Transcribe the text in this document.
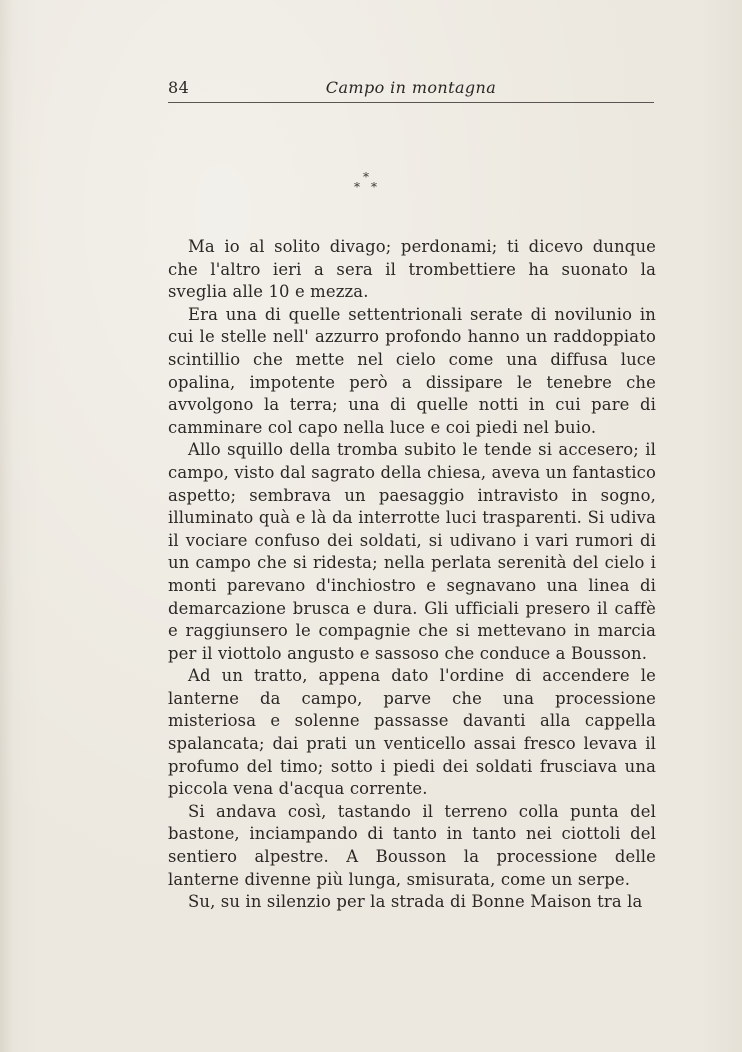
84	Campo in montagna
*
* *

Ma io al solito divago; perdonami; ti dicevo dunque che l'altro ieri a sera il trombettiere ha suonato la sveglia alle 10 e mezza.

Era una di quelle settentrionali serate di novilunio in cui le stelle nell' azzurro profondo hanno un raddoppiato scintillio che mette nel cielo come una diffusa luce opalina, impotente però a dissipare le tenebre che avvolgono la terra; una di quelle notti in cui pare di camminare col capo nella luce e coi piedi nel buio.

Allo squillo della tromba subito le tende si accesero; il campo, visto dal sagrato della chiesa, aveva un fantastico aspetto; sembrava un paesaggio intravisto in sogno, illuminato quà e là da interrotte luci trasparenti. Si udiva il vociare confuso dei soldati, si udivano i vari rumori di un campo che si ridesta; nella perlata serenità del cielo i monti parevano d'inchiostro e segnavano una linea di demarcazione brusca e dura. Gli ufficiali presero il caffè e raggiunsero le compagnie che si mettevano in marcia per il viottolo angusto e sassoso che conduce a Bousson.

Ad un tratto, appena dato l'ordine di accendere le lanterne da campo, parve che una processione misteriosa e solenne passasse davanti alla cappella spalancata; dai prati un venticello assai fresco levava il profumo del timo; sotto i piedi dei soldati frusciava una piccola vena d'acqua corrente.

Si andava così, tastando il terreno colla punta del bastone, inciampando di tanto in tanto nei ciottoli del sentiero alpestre. A Bousson la processione delle lanterne divenne più lunga, smisurata, come un serpe.

Su, su in silenzio per la strada di Bonne Maison tra la
